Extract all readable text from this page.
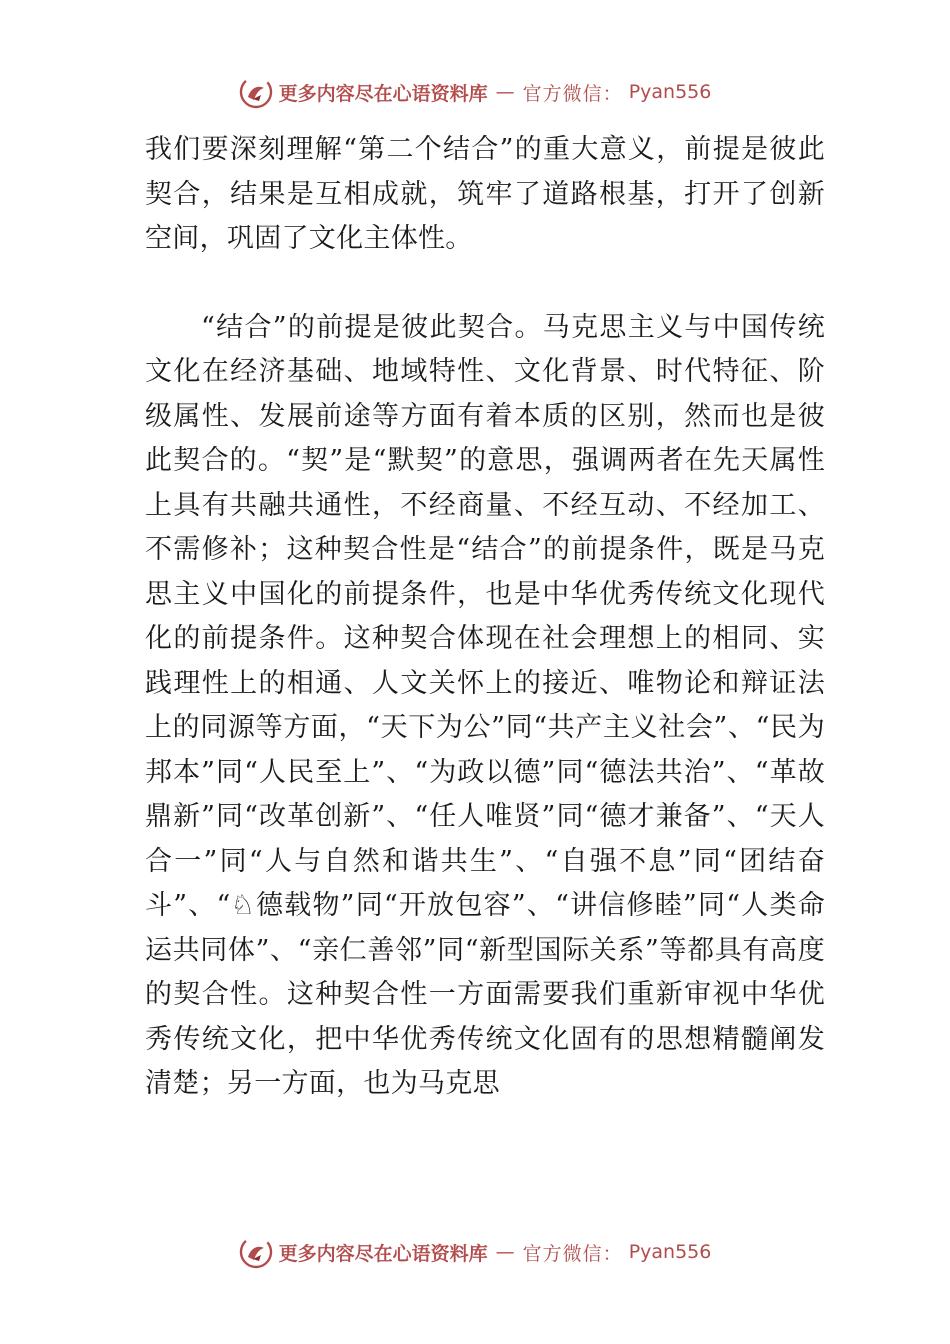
更多内容尽在心语资料库 — 官方微信： Pyan556

我们要深刻理解“第二个结合”的重大意义，前提是彼此契合，结果是互相成就，筑牢了道路根基，打开了创新空间，巩固了文化主体性。

“结合”的前提是彼此契合。马克思主义与中国传统文化在经济基础、地域特性、文化背景、时代特征、阶级属性、发展前途等方面有着本质的区别，然而也是彼此契合的。“契”是“默契”的意思，强调两者在先天属性上具有共融共通性，不经商量、不经互动、不经加工、不需修补；这种契合性是“结合”的前提条件，既是马克思主义中国化的前提条件，也是中华优秀传统文化现代化的前提条件。这种契合体现在社会理想上的相同、实践理性上的相通、人文关怀上的接近、唯物论和辩证法上的同源等方面，“天下为公”同“共产主义社会”、“民为邦本”同“人民至上”、“为政以德”同“德法共治”、“革故鼎新”同“改革创新”、“任人唯贤”同“德才兼备”、“天人合一”同“人与自然和谐共生”、“自强不息”同“团结奋斗”、“♘德载物”同“开放包容”、“讲信修睦”同“人类命运共同体”、“亲仁善邻”同“新型国际关系”等都具有高度的契合性。这种契合性一方面需要我们重新审视中华优秀传统文化，把中华优秀传统文化固有的思想精髓阐发清楚；另一方面，也为马克思

更多内容尽在心语资料库 — 官方微信： Pyan556
